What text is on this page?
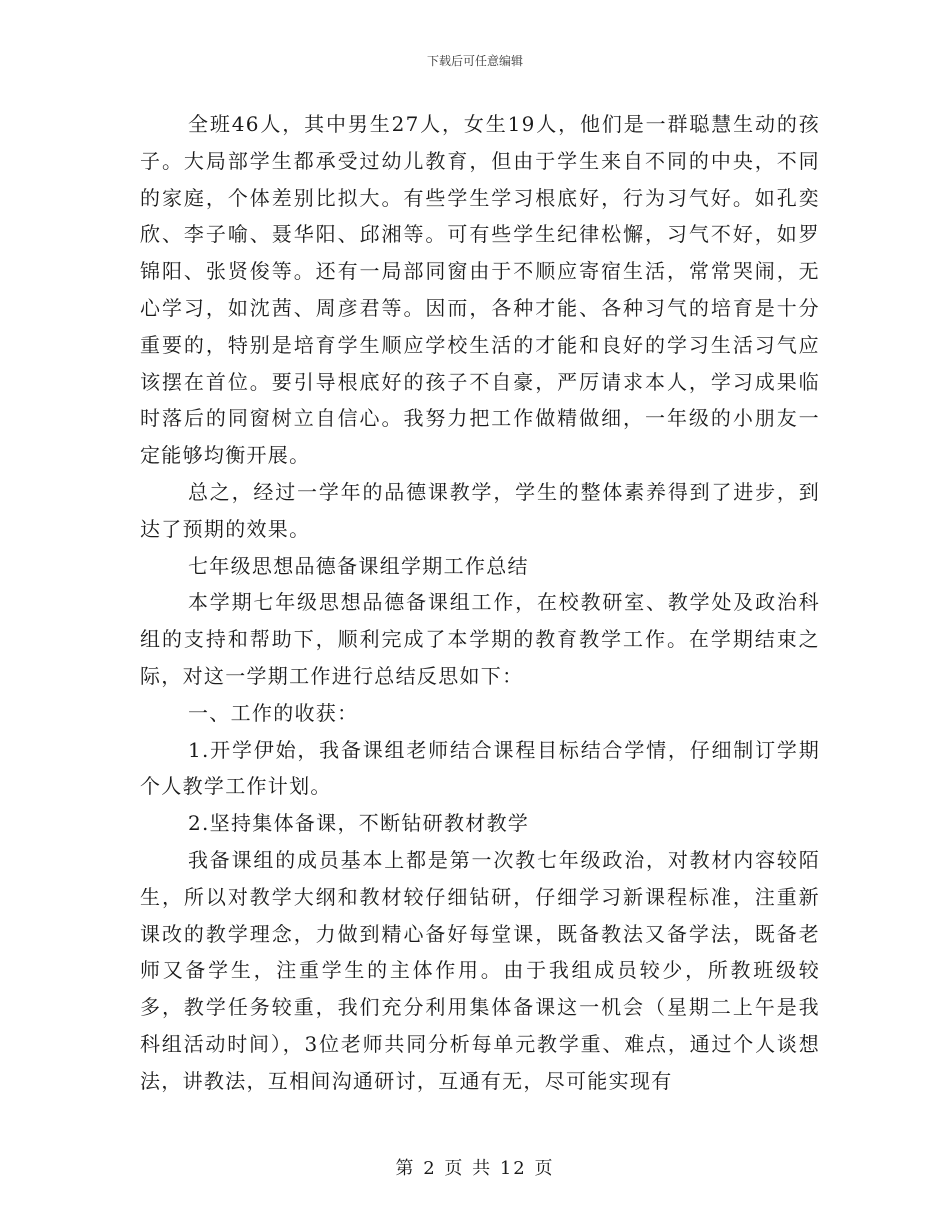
下载后可任意编辑

全班46人，其中男生27人，女生19人，他们是一群聪慧生动的孩子。大局部学生都承受过幼儿教育，但由于学生来自不同的中央，不同的家庭，个体差别比拟大。有些学生学习根底好，行为习气好。如孔奕欣、李子喻、聂华阳、邱湘等。可有些学生纪律松懈，习气不好，如罗锦阳、张贤俊等。还有一局部同窗由于不顺应寄宿生活，常常哭闹，无心学习，如沈茜、周彦君等。因而，各种才能、各种习气的培育是十分重要的，特别是培育学生顺应学校生活的才能和良好的学习生活习气应该摆在首位。要引导根底好的孩子不自豪，严厉请求本人，学习成果临时落后的同窗树立自信心。我努力把工作做精做细，一年级的小朋友一定能够均衡开展。

总之，经过一学年的品德课教学，学生的整体素养得到了进步，到达了预期的效果。

七年级思想品德备课组学期工作总结

本学期七年级思想品德备课组工作，在校教研室、教学处及政治科组的支持和帮助下，顺利完成了本学期的教育教学工作。在学期结束之际，对这一学期工作进行总结反思如下：

一、工作的收获：

1.开学伊始，我备课组老师结合课程目标结合学情，仔细制订学期个人教学工作计划。

2.坚持集体备课，不断钻研教材教学

我备课组的成员基本上都是第一次教七年级政治，对教材内容较陌生，所以对教学大纲和教材较仔细钻研，仔细学习新课程标准，注重新课改的教学理念，力做到精心备好每堂课，既备教法又备学法，既备老师又备学生，注重学生的主体作用。由于我组成员较少，所教班级较多，教学任务较重，我们充分利用集体备课这一机会（星期二上午是我科组活动时间），3位老师共同分析每单元教学重、难点，通过个人谈想法，讲教法，互相间沟通研讨，互通有无，尽可能实现有

第 2 页 共 12 页
